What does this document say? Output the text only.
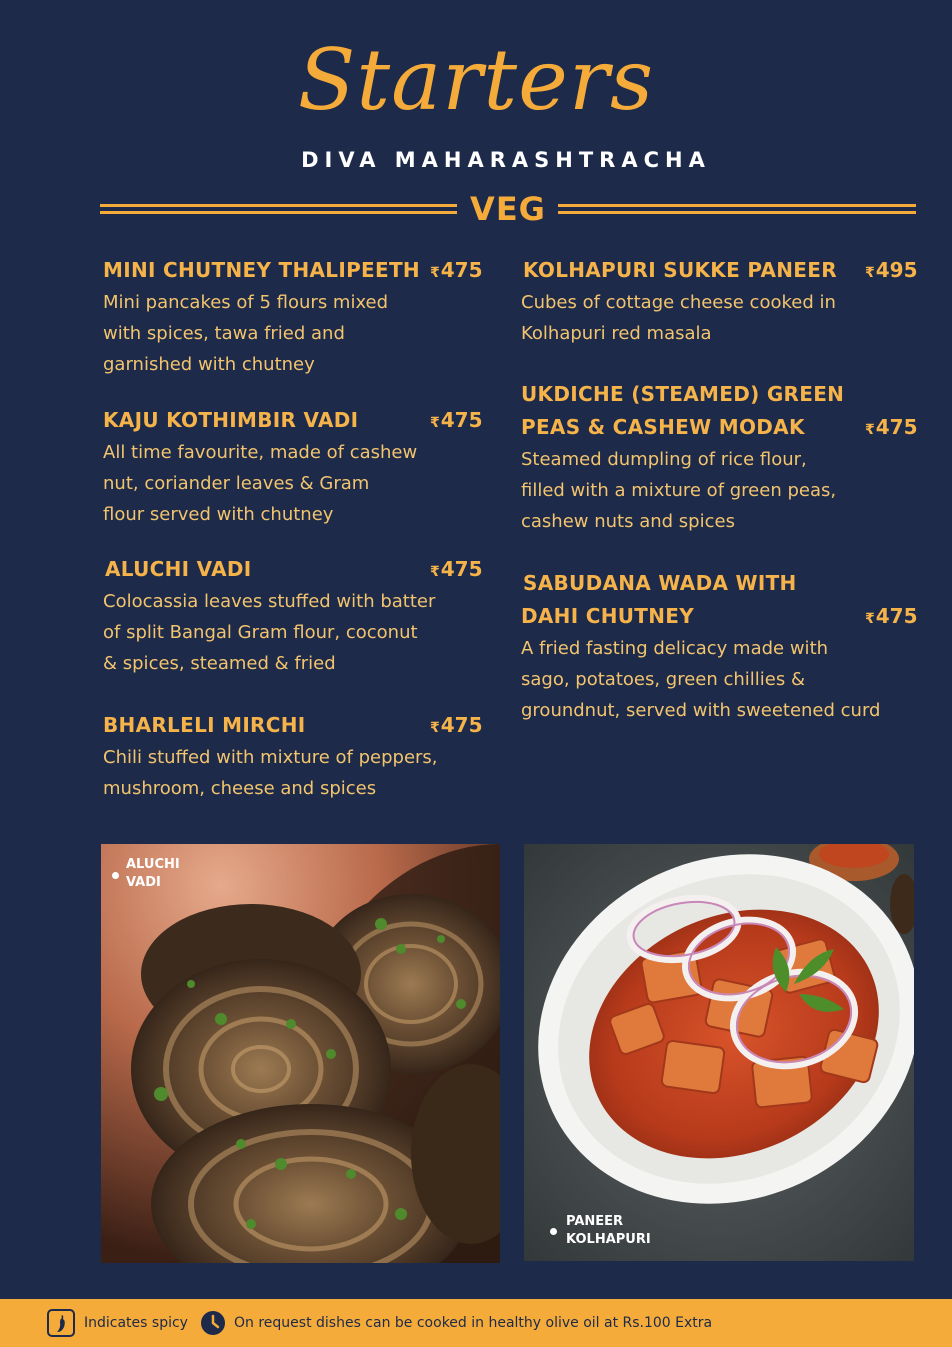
Starters
DIVA MAHARASHTRACHA
VEG
MINI CHUTNEY THALIPEETH ₹475
Mini pancakes of 5 flours mixed
with spices, tawa fried and
garnished with chutney
KAJU KOTHIMBIR VADI	₹475
All time favourite, made of cashew
nut, coriander leaves & Gram
flour served with chutney
ALUCHI VADI	₹475
Colocassia leaves stuffed with batter
of split Bangal Gram flour, coconut
& spices, steamed & fried
BHARLELI MIRCHI	₹475
Chili stuffed with mixture of peppers,
mushroom, cheese and spices
KOLHAPURI SUKKE PANEER	₹495
Cubes of cottage cheese cooked in
Kolhapuri red masala
UKDICHE (STEAMED) GREEN
PEAS & CASHEW MODAK	₹475
Steamed dumpling of rice flour,
filled with a mixture of green peas,
cashew nuts and spices
SABUDANA WADA WITH
DAHI CHUTNEY	₹475
A fried fasting delicacy made with
sago, potatoes, green chillies &
groundnut, served with sweetened curd
ALUCHI
VADI
PANEER
KOLHAPURI
Indicates spicy	On request dishes can be cooked in healthy olive oil at Rs.100 Extra
